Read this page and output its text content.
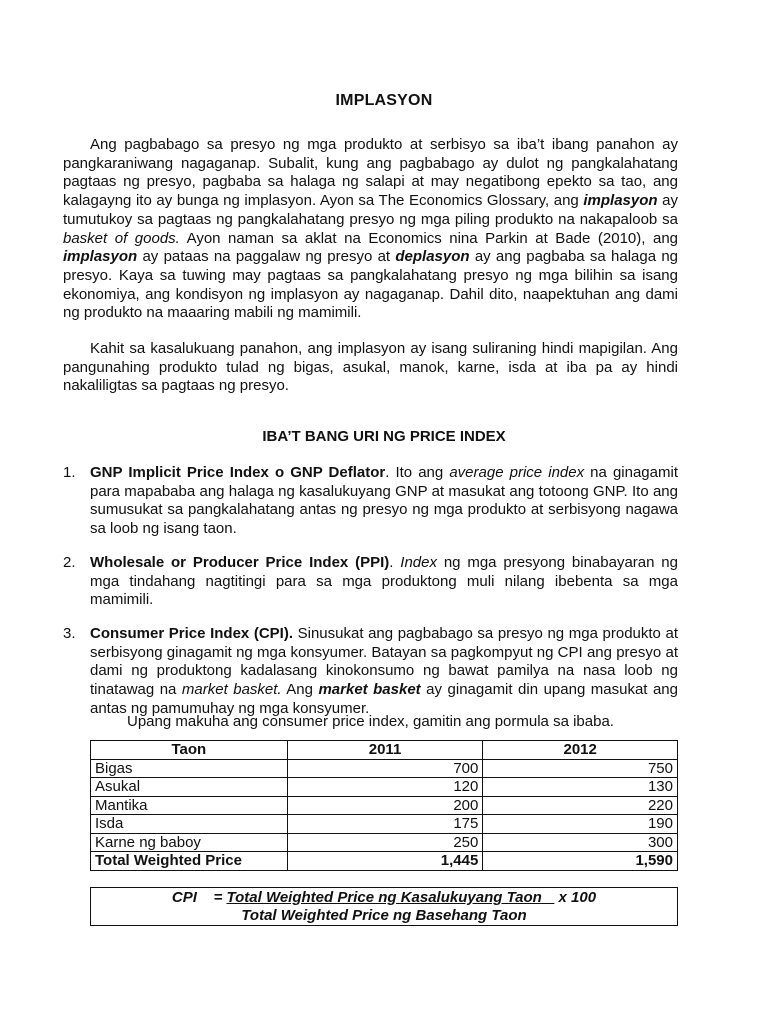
IMPLASYON

Ang pagbabago sa presyo ng mga produkto at serbisyo sa iba’t ibang panahon ay pangkaraniwang nagaganap. Subalit, kung ang pagbabago ay dulot ng pangkalahatang pagtaas ng presyo, pagbaba sa halaga ng salapi at may negatibong epekto sa tao, ang kalagayng ito ay bunga ng implasyon. Ayon sa The Economics Glossary, ang implasyon ay tumutukoy sa pagtaas ng pangkalahatang presyo ng mga piling produkto na nakapaloob sa basket of goods. Ayon naman sa aklat na Economics nina Parkin at Bade (2010), ang implasyon ay pataas na paggalaw ng presyo at deplasyon ay ang pagbaba sa halaga ng presyo. Kaya sa tuwing may pagtaas sa pangkalahatang presyo ng mga bilihin sa isang ekonomiya, ang kondisyon ng implasyon ay nagaganap. Dahil dito, naapektuhan ang dami ng produkto na maaaring mabili ng mamimili.

Kahit sa kasalukuang panahon, ang implasyon ay isang suliraning hindi mapigilan. Ang pangunahing produkto tulad ng bigas, asukal, manok, karne, isda at iba pa ay hindi nakaliligtas sa pagtaas ng presyo.

IBA’T BANG URI NG PRICE INDEX
1. GNP Implicit Price Index o GNP Deflator. Ito ang average price index na ginagamit para mapababa ang halaga ng kasalukuyang GNP at masukat ang totoong GNP. Ito ang sumusukat sa pangkalahatang antas ng presyo ng mga produkto at serbisyong nagawa sa loob ng isang taon.
2. Wholesale or Producer Price Index (PPI). Index ng mga presyong binabayaran ng mga tindahang nagtitingi para sa mga produktong muli nilang ibebenta sa mga mamimili.
3. Consumer Price Index (CPI). Sinusukat ang pagbabago sa presyo ng mga produkto at serbisyong ginagamit ng mga konsyumer. Batayan sa pagkompyut ng CPI ang presyo at dami ng produktong kadalasang kinokonsumo ng bawat pamilya na nasa loob ng tinatawag na market basket. Ang market basket ay ginagamit din upang masukat ang antas ng pamumuhay ng mga konsyumer.
Upang makuha ang consumer price index, gamitin ang pormula sa ibaba.
Taon	2011	2012
Bigas	700	750
Asukal	120	130
Mantika	200	220
Isda	175	190
Karne ng baboy	250	300
Total Weighted Price	1,445	1,590
CPI = Total Weighted Price ng Kasalukuyang Taon x 100
Total Weighted Price ng Basehang Taon
